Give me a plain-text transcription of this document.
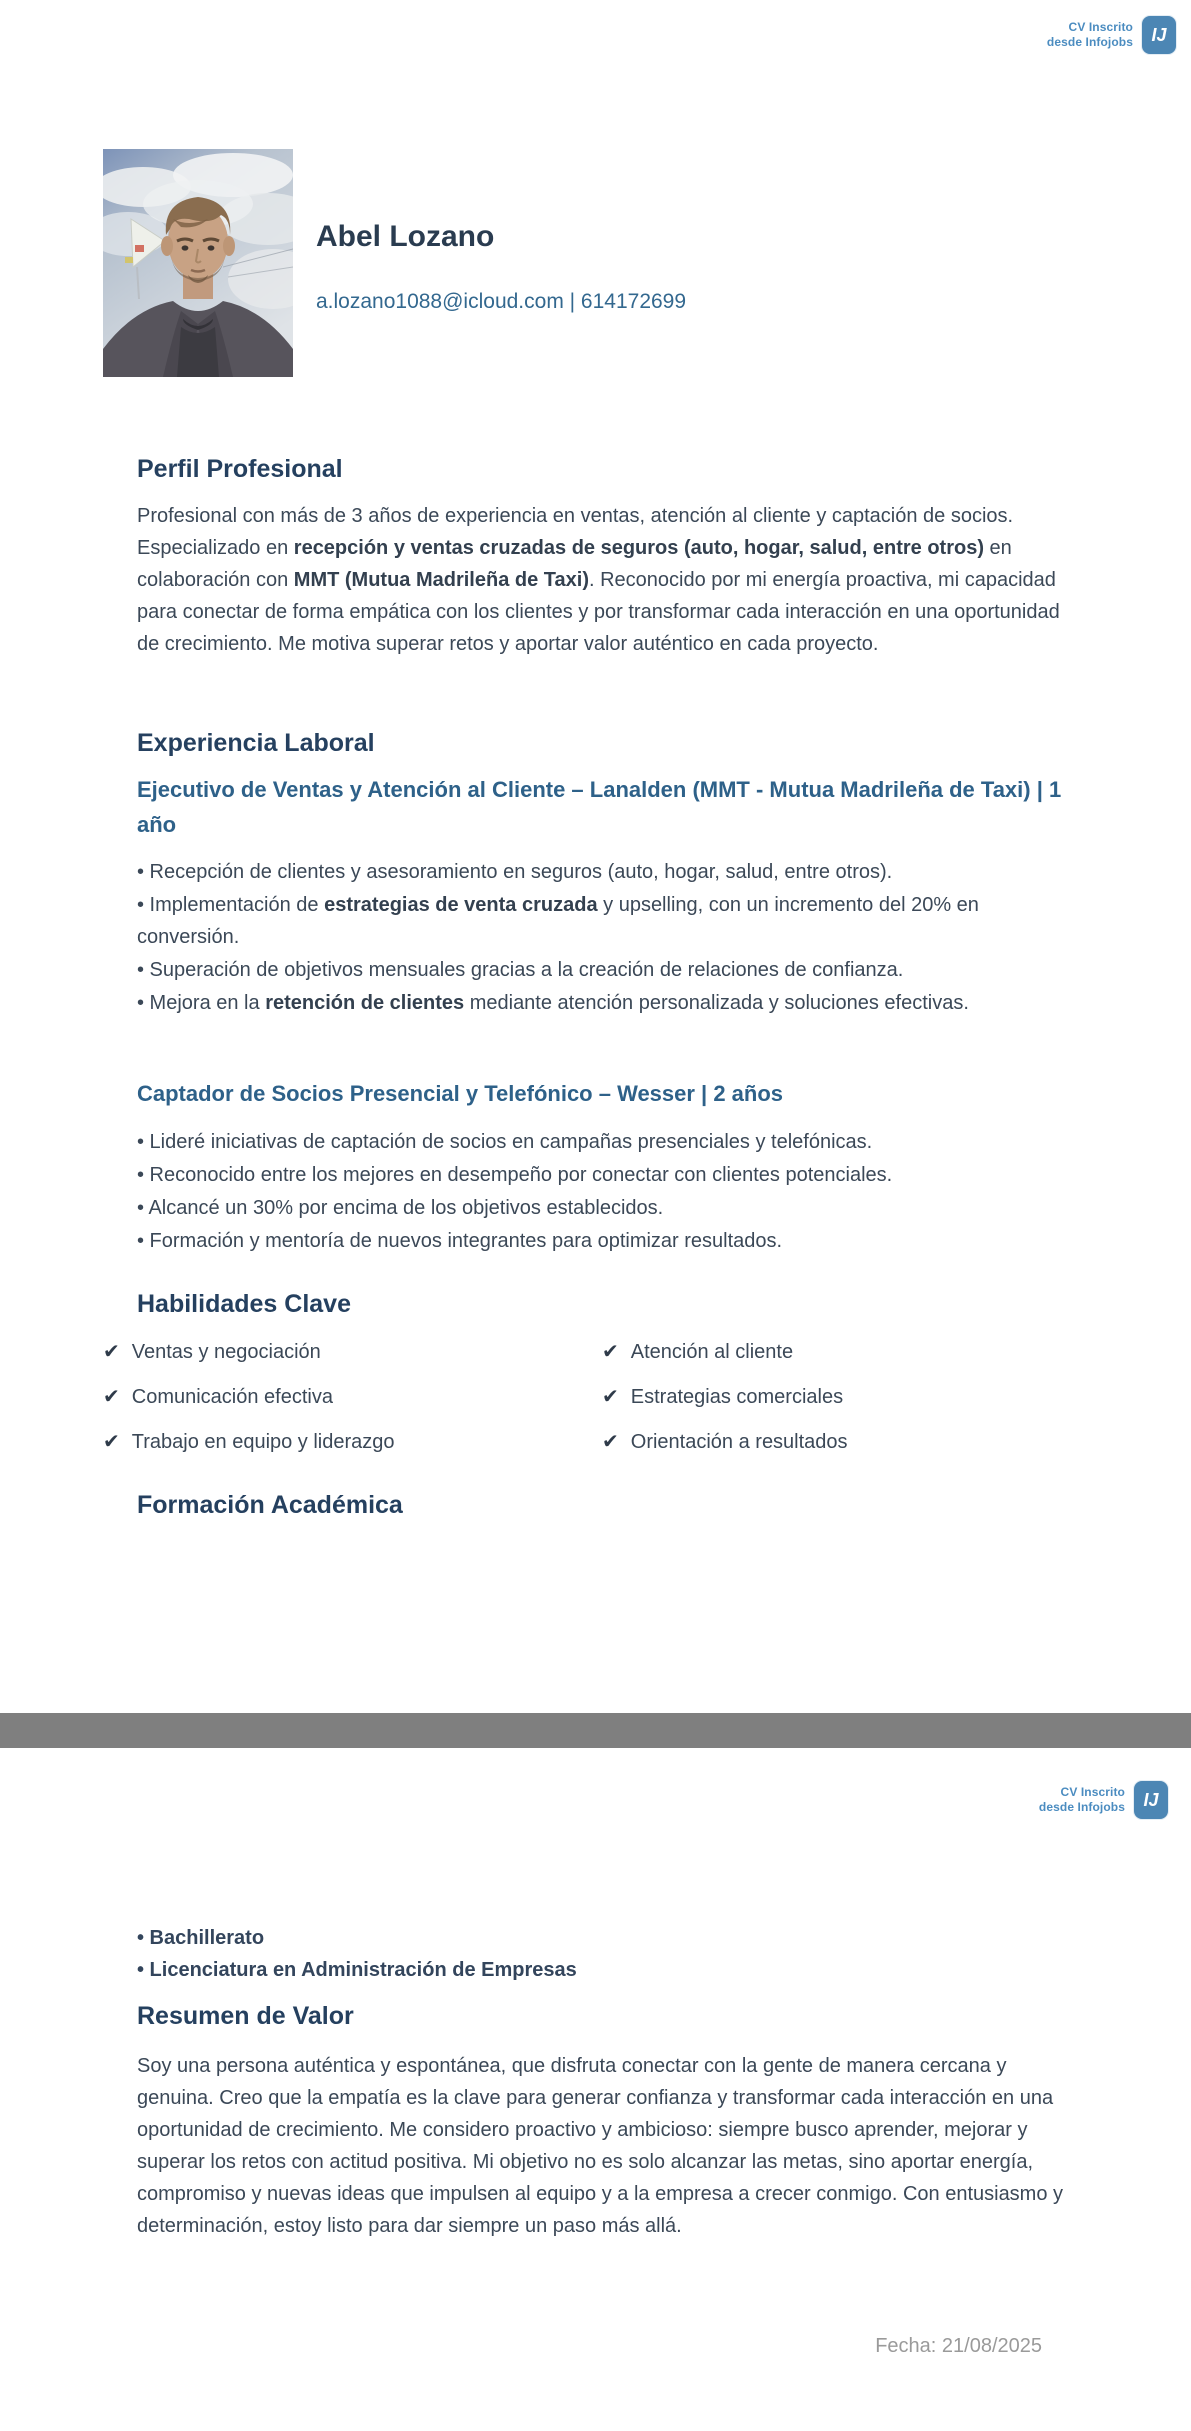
CV Inscrito
desde Infojobs	IJ
Abel Lozano
a.lozano1088@icloud.com | 614172699
Perfil Profesional
Profesional con más de 3 años de experiencia en ventas, atención al cliente y captación de socios. Especializado en recepción y ventas cruzadas de seguros (auto, hogar, salud, entre otros) en colaboración con MMT (Mutua Madrileña de Taxi). Reconocido por mi energía proactiva, mi capacidad para conectar de forma empática con los clientes y por transformar cada interacción en una oportunidad de crecimiento. Me motiva superar retos y aportar valor auténtico en cada proyecto.
Experiencia Laboral
Ejecutivo de Ventas y Atención al Cliente – Lanalden (MMT - Mutua Madrileña de Taxi) | 1 año
• Recepción de clientes y asesoramiento en seguros (auto, hogar, salud, entre otros).
• Implementación de estrategias de venta cruzada y upselling, con un incremento del 20% en conversión.
• Superación de objetivos mensuales gracias a la creación de relaciones de confianza.
• Mejora en la retención de clientes mediante atención personalizada y soluciones efectivas.
Captador de Socios Presencial y Telefónico – Wesser | 2 años
• Lideré iniciativas de captación de socios en campañas presenciales y telefónicas.
• Reconocido entre los mejores en desempeño por conectar con clientes potenciales.
• Alcancé un 30% por encima de los objetivos establecidos.
• Formación y mentoría de nuevos integrantes para optimizar resultados.
Habilidades Clave
✔ Ventas y negociación
✔ Comunicación efectiva
✔ Trabajo en equipo y liderazgo
✔ Atención al cliente
✔ Estrategias comerciales
✔ Orientación a resultados
Formación Académica
CV Inscrito
desde Infojobs	IJ
• Bachillerato
• Licenciatura en Administración de Empresas
Resumen de Valor
Soy una persona auténtica y espontánea, que disfruta conectar con la gente de manera cercana y genuina. Creo que la empatía es la clave para generar confianza y transformar cada interacción en una oportunidad de crecimiento. Me considero proactivo y ambicioso: siempre busco aprender, mejorar y superar los retos con actitud positiva. Mi objetivo no es solo alcanzar las metas, sino aportar energía, compromiso y nuevas ideas que impulsen al equipo y a la empresa a crecer conmigo. Con entusiasmo y determinación, estoy listo para dar siempre un paso más allá.
Fecha: 21/08/2025
